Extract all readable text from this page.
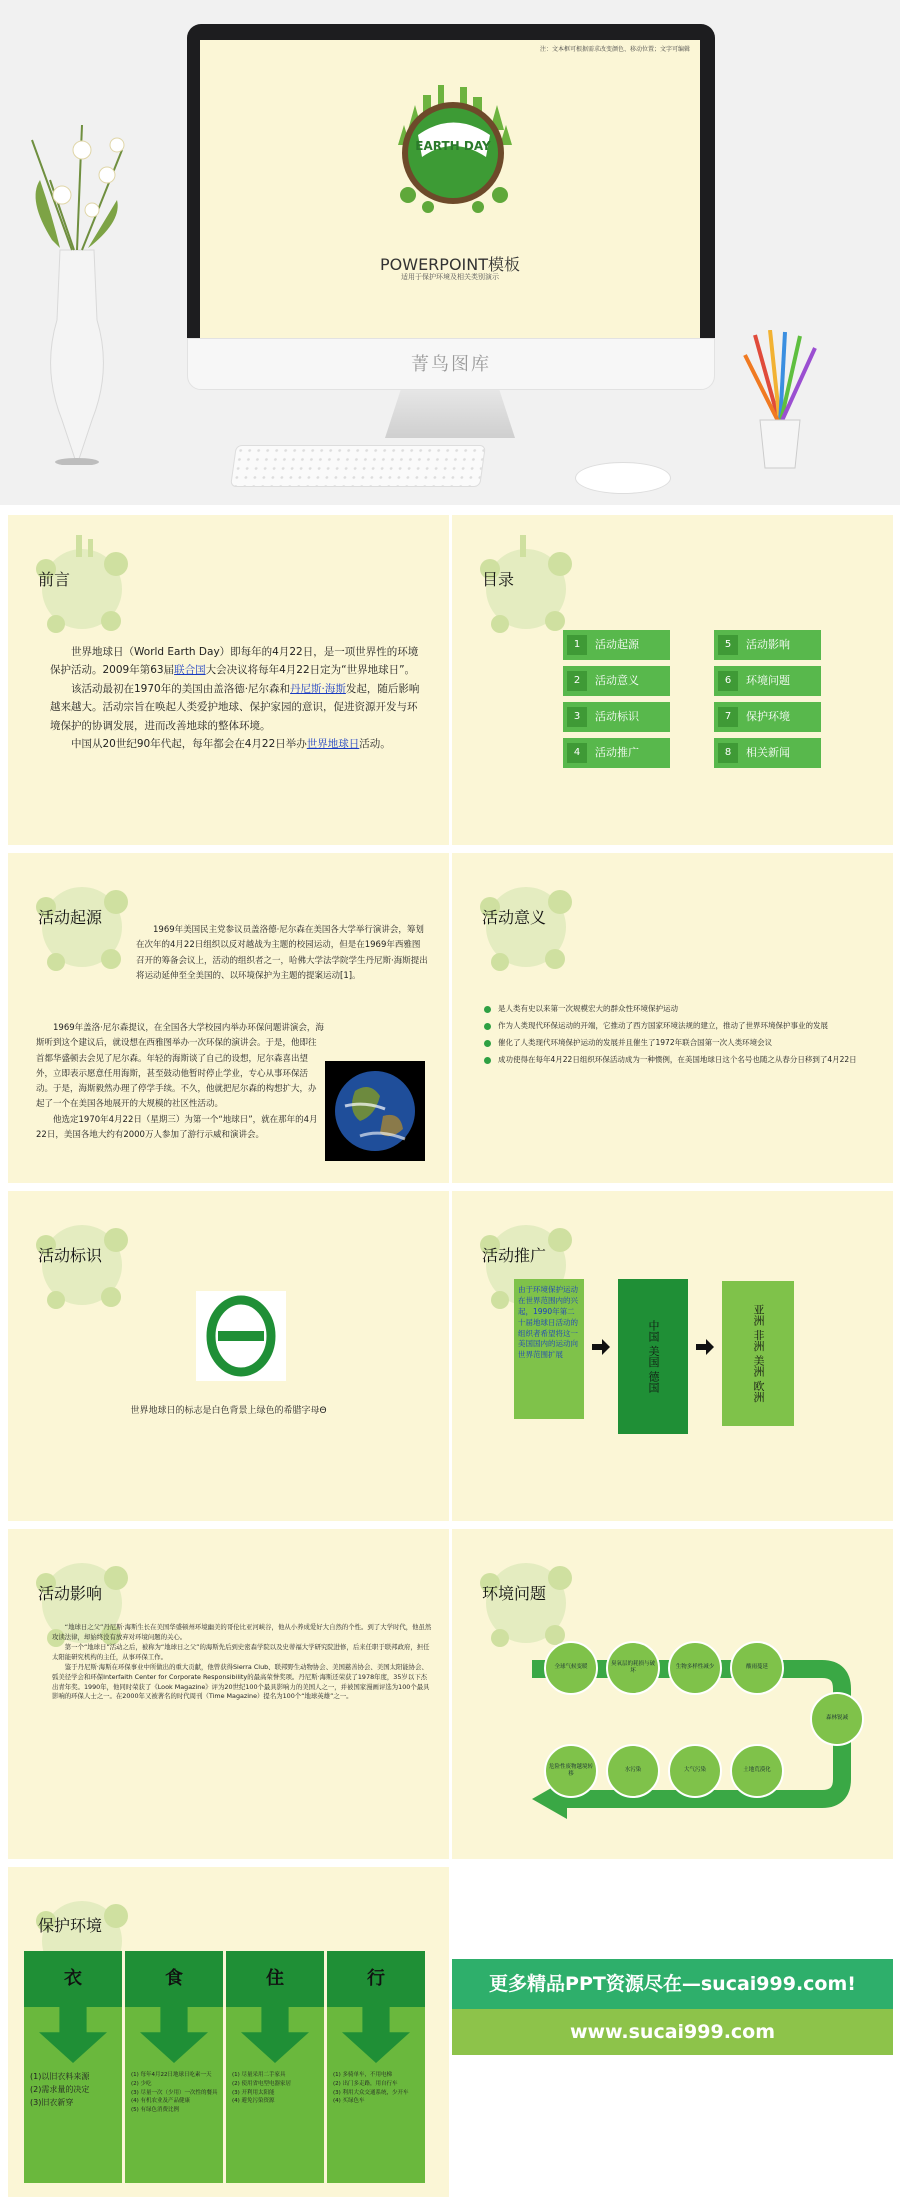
注：文本框可根据需求改变颜色、移动位置；文字可编辑
EARTH DAY
POWERPOINT模板
适用于保护环境及相关类别演示
菁鸟图库
前言

世界地球日（World Earth Day）即每年的4月22日，是一项世界性的环境保护活动。2009年第63届联合国大会决议将每年4月22日定为“世界地球日”。

该活动最初在1970年的美国由盖洛德·尼尔森和丹尼斯·海斯发起，随后影响越来越大。活动宗旨在唤起人类爱护地球、保护家园的意识，促进资源开发与环境保护的协调发展，进而改善地球的整体环境。

中国从20世纪90年代起，每年都会在4月22日举办世界地球日活动。

目录
1	活动起源
2	活动意义
3	活动标识
4	活动推广
5	活动影响
6	环境问题
7	保护环境
8	相关新闻
活动起源
1969年美国民主党参议员盖洛德·尼尔森在美国各大学举行演讲会，筹划在次年的4月22日组织以反对越战为主题的校园运动，但是在1969年西雅图召开的筹备会议上，活动的组织者之一，哈佛大学法学院学生丹尼斯·海斯提出将运动延伸至全美国的、以环境保护为主题的提案运动[1]。

1969年盖洛·尼尔森提议，在全国各大学校园内举办环保问题讲演会，海斯听到这个建议后，就设想在西雅图举办一次环保的演讲会。于是，他即往首都华盛顿去会见了尼尔森。年轻的海斯谈了自己的设想，尼尔森喜出望外，立即表示愿意任用海斯，甚至鼓动他暂时停止学业，专心从事环保活动。于是，海斯毅然办理了停学手续。不久，他就把尼尔森的构想扩大，办起了一个在美国各地展开的大规模的社区性活动。

他选定1970年4月22日（星期三）为第一个“地球日”，就在那年的4月22日，美国各地大约有2000万人参加了游行示威和演讲会。

活动意义
是人类有史以来第一次规模宏大的群众性环境保护运动
作为人类现代环保运动的开端，它推动了西方国家环境法规的建立，推动了世界环境保护事业的发展
催化了人类现代环境保护运动的发展并且催生了1972年联合国第一次人类环境会议
成功使得在每年4月22日组织环保活动成为一种惯例，在美国地球日这个名号也随之从春分日移到了4月22日
活动标识
世界地球日的标志是白色背景上绿色的希腊字母Θ
活动推广
由于环境保护运动在世界范围内的兴起，1990年第二十届地球日活动的组织者希望将这一美国国内的运动向世界范围扩展	中国 美国 德国	亚洲 非洲 美洲 欧洲
活动影响

“地球日之父”丹尼斯·海斯生长在美国华盛顿州环境幽美的哥伦比亚河峡谷，他从小养成爱好大自然的个性。到了大学时代，他虽然攻读法律，却始终没有放弃对环境问题的关心。

第一个“地球日”活动之后，被称为“地球日之父”的海斯先后到史密森学院以及史蒂福大学研究院进修，后来任职于联邦政府，担任太阳能研究机构的主任，从事环保工作。

鉴于丹尼斯·海斯在环保事业中所做出的重大贡献，他曾获得Sierra Club、联邦野生动物协会、美国慈善协会、美国太阳能协会、弧美径学会和环保Interfaith Center for Corporate Responsibility的最高荣誉奖项。丹尼斯·海斯还荣获了1978年度，35岁以下杰出青年奖。1990年，他同时荣获了《Look Magazine》评为20世纪100个最具影响力的美国人之一，并被国家漫画评选为100个最具影响的环保人士之一。在2000年又被著名的时代周刊（Time Magazine）提名为100个“地球英雄”之一。

环境问题
全球气候变暖
臭氧层的耗损与破坏
生物多样性减少	酸雨蔓延
森林锐减
土地荒漠化
大气污染
水污染
危险性废物越境转移
保护环境
衣
(1)以旧衣料来源
(2)需求量的决定
(3)旧衣新穿
食
(1) 每年4月22日地球日吃素一天
(2) 少吃
(3) 尽量一次（少用）一次性的餐具
(4) 有机农业及产品健康
(5) 有绿色消费比例
住
(1) 尽量采用二手家具
(2) 使用省电型电器家居
(3) 开利用太阳能
(4) 避免污染资源
行
(1) 多骑单车，不用电梯
(2) 出门多走路，用自行车
(3) 利用大众交通系统，少开车
(4) 买绿色车
更多精品PPT资源尽在—sucai999.com!
www.sucai999.com
